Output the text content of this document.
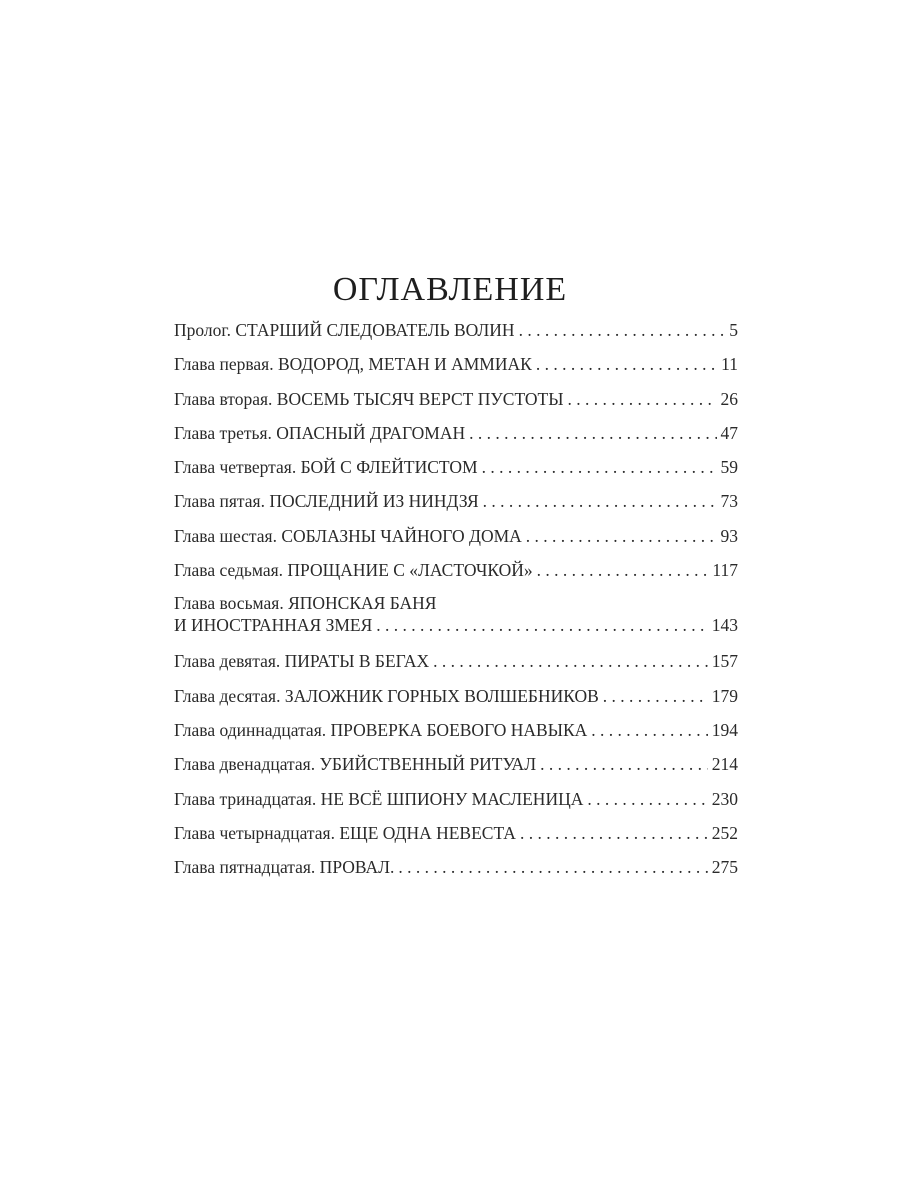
ОГЛАВЛЕНИЕ
Пролог. СТАРШИЙ СЛЕДОВАТЕЛЬ ВОЛИН . . .	5
Глава первая. ВОДОРОД, МЕТАН И АММИАК . . .	11
Глава вторая. ВОСЕМЬ ТЫСЯЧ ВЕРСТ ПУСТОТЫ . . .	26
Глава третья. ОПАСНЫЙ ДРАГОМАН . . .	47
Глава четвертая. БОЙ С ФЛЕЙТИСТОМ . . .	59
Глава пятая. ПОСЛЕДНИЙ ИЗ НИНДЗЯ . . .	73
Глава шестая. СОБЛАЗНЫ ЧАЙНОГО ДОМА . . .	93
Глава седьмая. ПРОЩАНИЕ С «ЛАСТОЧКОЙ» . . .	117
Глава восьмая. ЯПОНСКАЯ БАНЯ
И ИНОСТРАННАЯ ЗМЕЯ . . .	143
Глава девятая. ПИРАТЫ В БЕГАХ . . .	157
Глава десятая. ЗАЛОЖНИК ГОРНЫХ ВОЛШЕБНИКОВ . . .	179
Глава одиннадцатая. ПРОВЕРКА БОЕВОГО НАВЫКА . . .	194
Глава двенадцатая. УБИЙСТВЕННЫЙ РИТУАЛ . . .	214
Глава тринадцатая. НЕ ВСЁ ШПИОНУ МАСЛЕНИЦА . . .	230
Глава четырнадцатая. ЕЩЕ ОДНА НЕВЕСТА . . .	252
Глава пятнадцатая. ПРОВАЛ. . . .	275
